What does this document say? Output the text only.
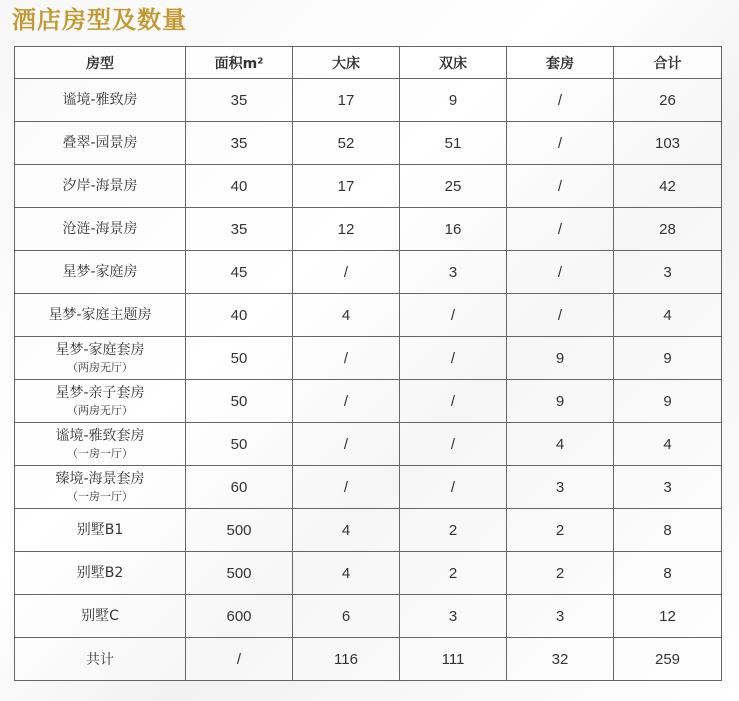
酒店房型及数量
房型	面积m²	大床	双床	套房	合计

谧境-雅致房	35	17	9	/	26

叠翠-园景房	35	52	51	/	103

汐岸-海景房	40	17	25	/	42

沧涟-海景房	35	12	16	/	28

星梦-家庭房	45	/	3	/	3

星梦-家庭主题房	40	4	/	/	4

星梦-家庭套房
（两房无厅）	50	/	/	9	9

星梦-亲子套房
（两房无厅）	50	/	/	9	9

谧境-雅致套房
（一房一厅）	50	/	/	4	4

臻境-海景套房
（一房一厅）	60	/	/	3	3

别墅B1	500	4	2	2	8

别墅B2	500	4	2	2	8

别墅C	600	6	3	3	12
共计	/	116	111	32	259
